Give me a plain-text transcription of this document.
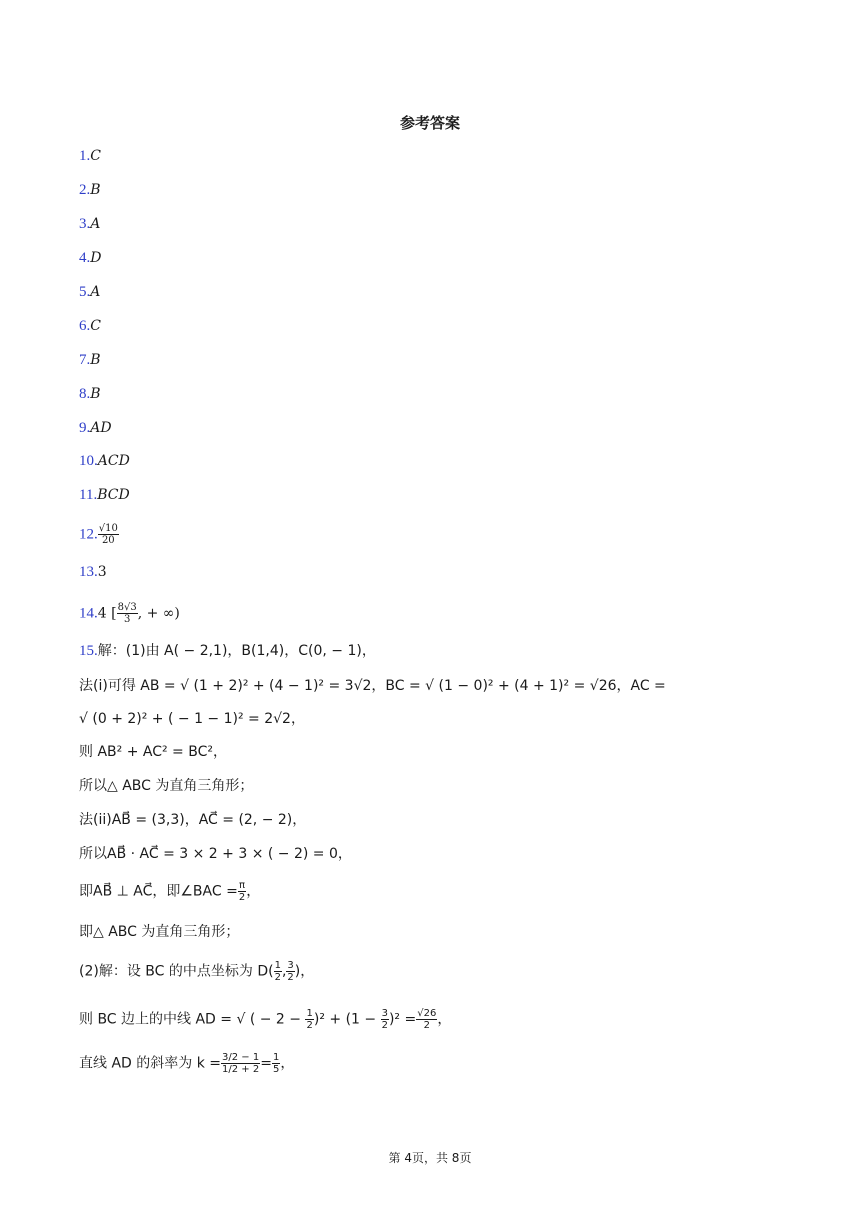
参考答案
1.C
2.B
3.A
4.D
5.A
6.C
7.B
8.B
9.AD
10.ACD
11.BCD
12. $\frac{√10}{20}$
13.3
14.4 [ $\frac{8√3}{3}$ , + ∞)
15.解：(1)由 A( − 2,1)，B(1,4)，C(0, − 1)，
法(i)可得 AB = √ (1 + 2)² + (4 − 1)² = 3√2，BC = √ (1 − 0)² + (4 + 1)² = √26，AC =
√ (0 + 2)² + ( − 1 − 1)² = 2√2，
则 AB² + AC² = BC²，
所以△ ABC 为直角三角形；
法(ii)AB⃗ = (3,3)，AC⃗ = (2, − 2)，
所以AB⃗ · AC⃗ = 3 × 2 + 3 × ( − 2) = 0，
即AB⃗ ⊥ AC⃗，即∠BAC = $\frac{\pi}{2}$ ，
即△ ABC 为直角三角形；
(2)解：设 BC 的中点坐标为 $D( \frac{1}{2}$ , $\frac{3}{2}$ )，
则 BC 边上的中线 AD = √ ( − $2 - \frac{1}{2} )^2 + (1 - \frac{3}{2} )^2 = \frac{√26}{2}$ ，
直线 AD 的斜率为 $k = \frac{3/2 - 1}{1/2 + 2} = \frac{1}{5}$ ，
第 4页，共 8页
